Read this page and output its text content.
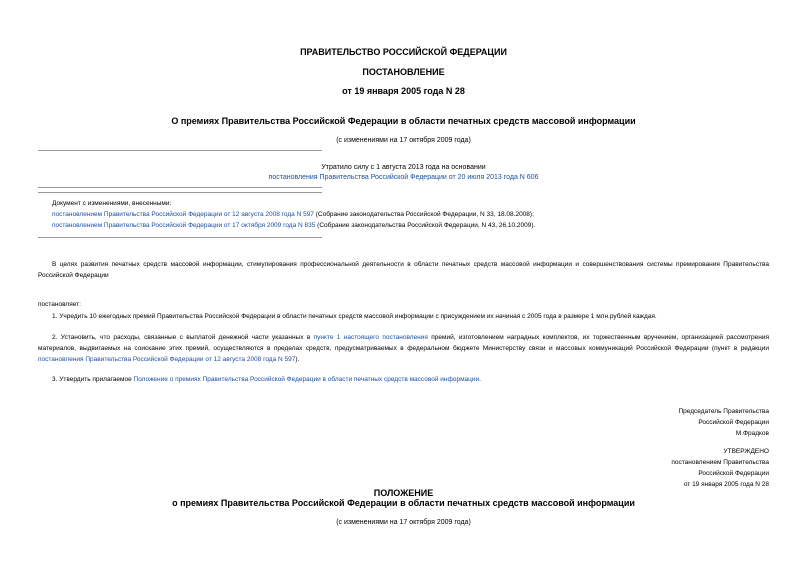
ПРАВИТЕЛЬСТВО РОССИЙСКОЙ ФЕДЕРАЦИИ
ПОСТАНОВЛЕНИЕ
от 19 января 2005 года N 28
О премиях Правительства Российской Федерации в области печатных средств массовой информации
(с изменениями на 17 октября 2009 года)
Утратило силу с 1 августа 2013 года на основании
постановления Правительства Российской Федерации от 20 июля 2013 года N 606
Документ с изменениями, внесенными:
постановлением Правительства Российской Федерации от 12 августа 2008 года N 597 (Собрание законодательства Российской Федерации, N 33, 18.08.2008);
постановлением Правительства Российской Федерации от 17 октября 2009 года N 835 (Собрание законодательства Российской Федерации, N 43, 26.10.2009).
В целях развития печатных средств массовой информации, стимулирования профессиональной деятельности в области печатных средств массовой информации и совершенствования системы премирования Правительства Российской Федерации
постановляет:
1. Учредить 10 ежегодных премий Правительства Российской Федерации в области печатных средств массовой информации с присуждением их начиная с 2005 года в размере 1 млн.рублей каждая.
2. Установить, что расходы, связанные с выплатой денежной части указанных в пункте 1 настоящего постановления премий, изготовлением наградных комплектов, их торжественным вручением, организацией рассмотрения материалов, выдвигаемых на соискание этих премий, осуществляются в пределах средств, предусматриваемых в федеральном бюджете Министерству связи и массовых коммуникаций Российской Федерации (пункт в редакции постановления Правительства Российской Федерации от 12 августа 2008 года N 597).
3. Утвердить прилагаемое Положение о премиях Правительства Российской Федерации в области печатных средств массовой информации.
Председатель Правительства
Российской Федерации
М.Фрадков
УТВЕРЖДЕНО
постановлением Правительства
Российской Федерации
от 19 января 2005 года N 28
ПОЛОЖЕНИЕ
о премиях Правительства Российской Федерации в области печатных средств массовой информации
(с изменениями на 17 октября 2009 года)
